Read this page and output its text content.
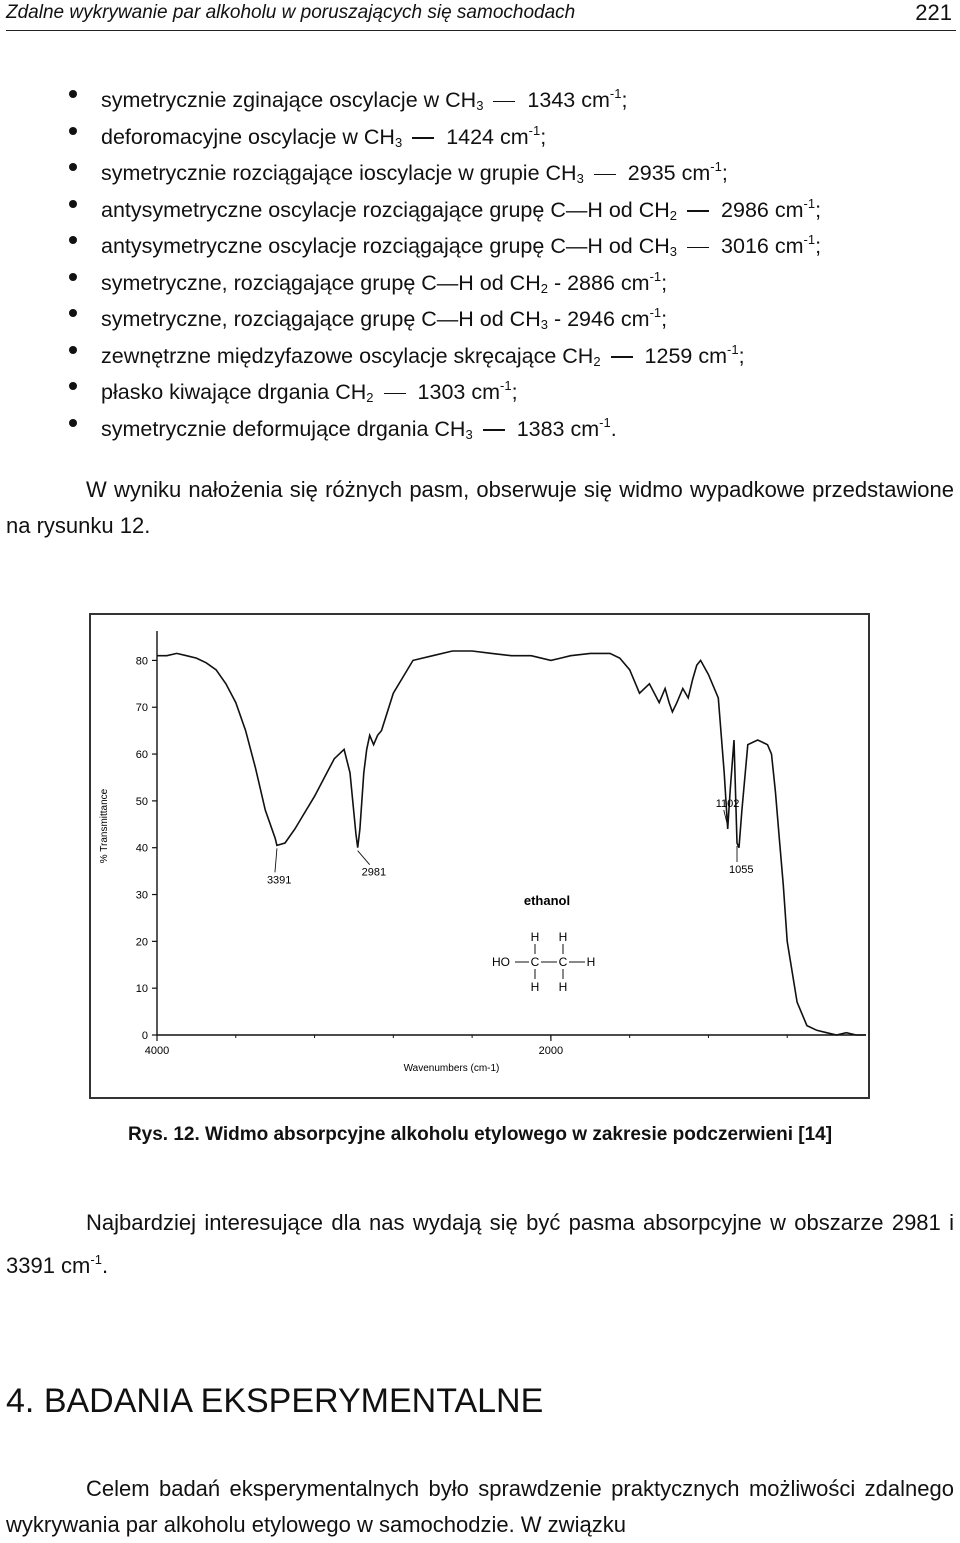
Zdalne wykrywanie par alkoholu w poruszających się samochodach	221
symetrycznie zginające oscylacje w $CH_3$ 1343 $cm^{-1}$;
deforomacyjne oscylacje w $CH_3$ 1424 $cm^{-1}$;
symetrycznie rozciągające ioscylacje w grupie $CH_3$ 2935 $cm^{-1}$;
antysymetryczne oscylacje rozciągające grupę C—H od $CH_2$ 2986 $cm^{-1}$;
antysymetryczne oscylacje rozciągające grupę C—H od $CH_3$ 3016 $cm^{-1}$;
symetryczne, rozciągające grupę C—H od $CH_2 - 2886$ $cm^{-1}$;
symetryczne, rozciągające grupę C—H od $CH_3 - 2946$ $cm^{-1}$;
zewnętrzne międzyfazowe oscylacje skręcające $CH_2$ 1259 $cm^{-1}$;
płasko kiwające drgania $CH_2$ 1303 $cm^{-1}$;
symetrycznie deformujące drgania $CH_3$ 1383 $cm^{-1}$.

W wyniku nałożenia się różnych pasm, obserwuje się widmo wypadkowe przedstawione na rysunku 12.

0
10
20
30
40
50
60
70
80
4000	2000
Wavenumbers (cm-1)
% Transmittance
3391
2981
1102
1055
ethanol
H H
HO C C H
H H
Rys. 12. Widmo absorpcyjne alkoholu etylowego w zakresie podczerwieni [14]

Najbardziej interesujące dla nas wydają się być pasma absorpcyjne w obszarze 2981 i 3391 $cm^{-1}$.

4. BADANIA EKSPERYMENTALNE

Celem badań eksperymentalnych było sprawdzenie praktycznych możliwości zdalnego wykrywania par alkoholu etylowego w samochodzie. W związku
